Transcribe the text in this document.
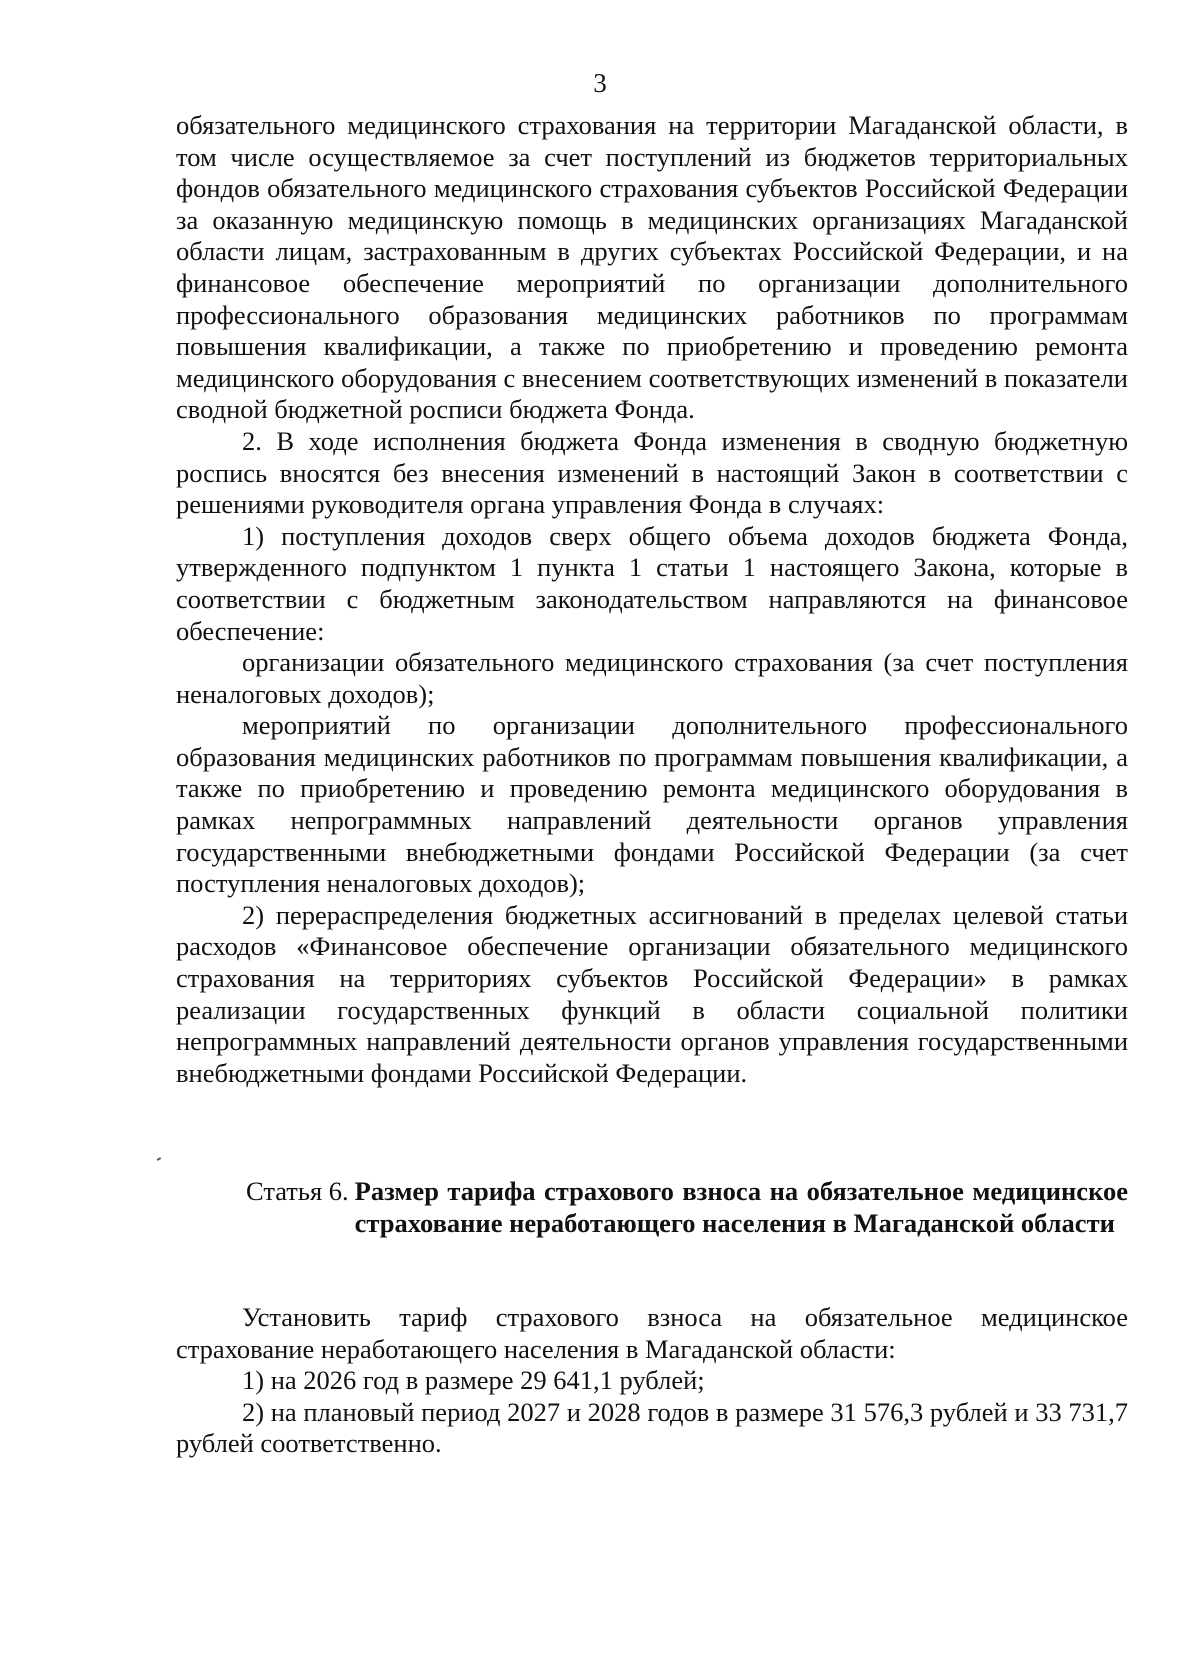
3

обязательного медицинского страхования на территории Магаданской области, в том числе осуществляемое за счет поступлений из бюджетов территориальных фондов обязательного медицинского страхования субъектов Российской Федерации за оказанную медицинскую помощь в медицинских организациях Магаданской области лицам, застрахованным в других субъектах Российской Федерации, и на финансовое обеспечение мероприятий по организации дополнительного профессионального образования медицинских работников по программам повышения квалификации, а также по приобретению и проведению ремонта медицинского оборудования с внесением соответствующих изменений в показатели сводной бюджетной росписи бюджета Фонда.

2. В ходе исполнения бюджета Фонда изменения в сводную бюджетную роспись вносятся без внесения изменений в настоящий Закон в соответствии с решениями руководителя органа управления Фонда в случаях:

1) поступления доходов сверх общего объема доходов бюджета Фонда, утвержденного подпунктом 1 пункта 1 статьи 1 настоящего Закона, которые в соответствии с бюджетным законодательством направляются на финансовое обеспечение:

организации обязательного медицинского страхования (за счет поступления неналоговых доходов);

мероприятий по организации дополнительного профессионального образования медицинских работников по программам повышения квалификации, а также по приобретению и проведению ремонта медицинского оборудования в рамках непрограммных направлений деятельности органов управления государственными внебюджетными фондами Российской Федерации (за счет поступления неналоговых доходов);

2) перераспределения бюджетных ассигнований в пределах целевой статьи расходов «Финансовое обеспечение организации обязательного медицинского страхования на территориях субъектов Российской Федерации» в рамках реализации государственных функций в области социальной политики непрограммных направлений деятельности органов управления государственными внебюджетными фондами Российской Федерации.

Статья 6. Размер тарифа страхового взноса на обязательное медицинское страхование неработающего населения в Магаданской области

Установить тариф страхового взноса на обязательное медицинское страхование неработающего населения в Магаданской области:

1) на 2026 год в размере 29 641,1 рублей;

2) на плановый период 2027 и 2028 годов в размере 31 576,3 рублей и 33 731,7 рублей соответственно.
